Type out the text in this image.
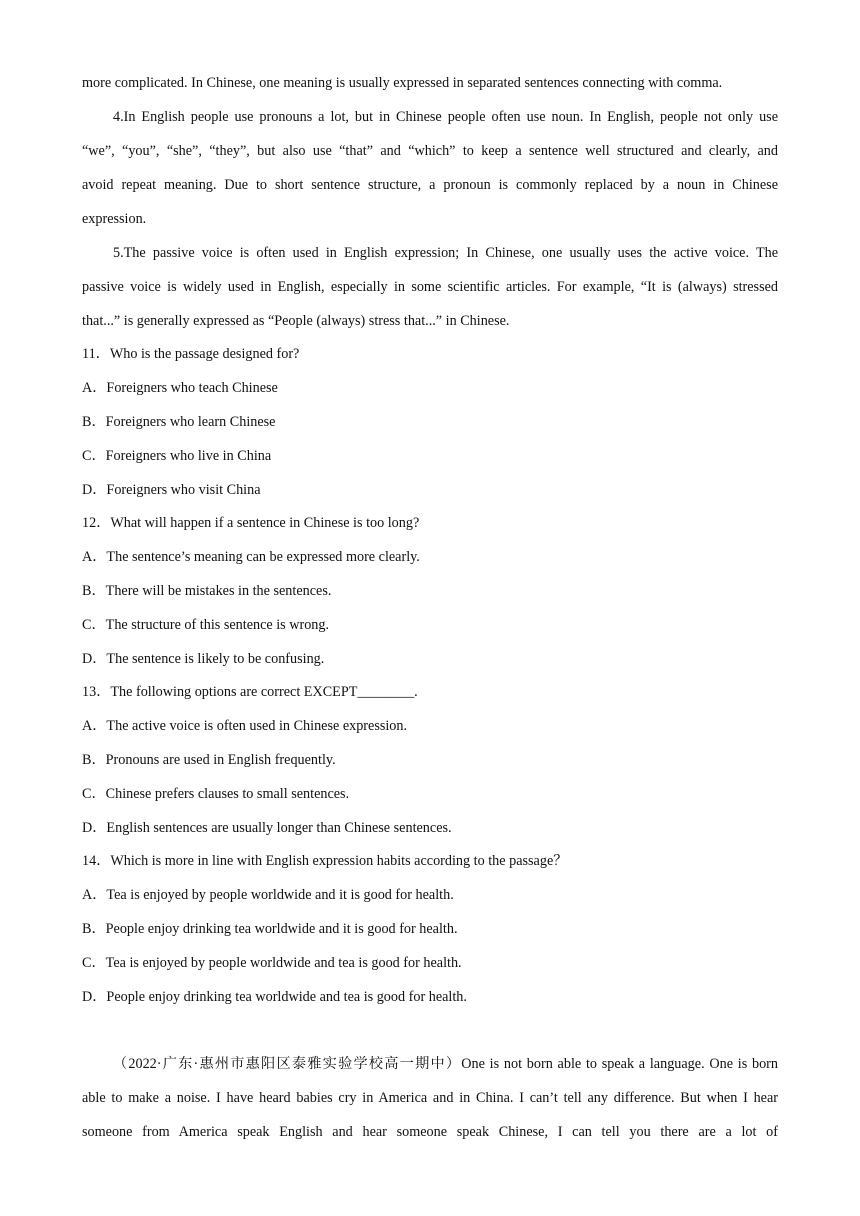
more complicated. In Chinese, one meaning is usually expressed in separated sentences connecting with comma.
4.In English people use pronouns a lot, but in Chinese people often use noun. In English, people not only use
“we”, “you”, “she”, “they”, but also use “that” and “which” to keep a sentence well structured and clearly, and
avoid repeat meaning. Due to short sentence structure, a pronoun is commonly replaced by a noun in Chinese
expression.
5.The passive voice is often used in English expression; In Chinese, one usually uses the active voice. The
passive voice is widely used in English, especially in some scientific articles. For example, “It is (always) stressed
that...” is generally expressed as “People (always) stress that...” in Chinese.
11．Who is the passage designed for?
A．Foreigners who teach Chinese
B．Foreigners who learn Chinese
C．Foreigners who live in China
D．Foreigners who visit China
12．What will happen if a sentence in Chinese is too long?
A．The sentence’s meaning can be expressed more clearly.
B．There will be mistakes in the sentences.
C．The structure of this sentence is wrong.
D．The sentence is likely to be confusing.
13．The following options are correct EXCEPT________.
A．The active voice is often used in Chinese expression.
B．Pronouns are used in English frequently.
C．Chinese prefers clauses to small sentences.
D．English sentences are usually longer than Chinese sentences.
14．Which is more in line with English expression habits according to the passage？
A．Tea is enjoyed by people worldwide and it is good for health.
B．People enjoy drinking tea worldwide and it is good for health.
C．Tea is enjoyed by people worldwide and tea is good for health.
D．People enjoy drinking tea worldwide and tea is good for health.
（2022·广东·惠州市惠阳区泰雅实验学校高一期中）One is not born able to speak a language. One is born
able to make a noise. I have heard babies cry in America and in China. I can’t tell any difference. But when I hear
someone from America speak English and hear someone speak Chinese, I can tell you there are a lot of
